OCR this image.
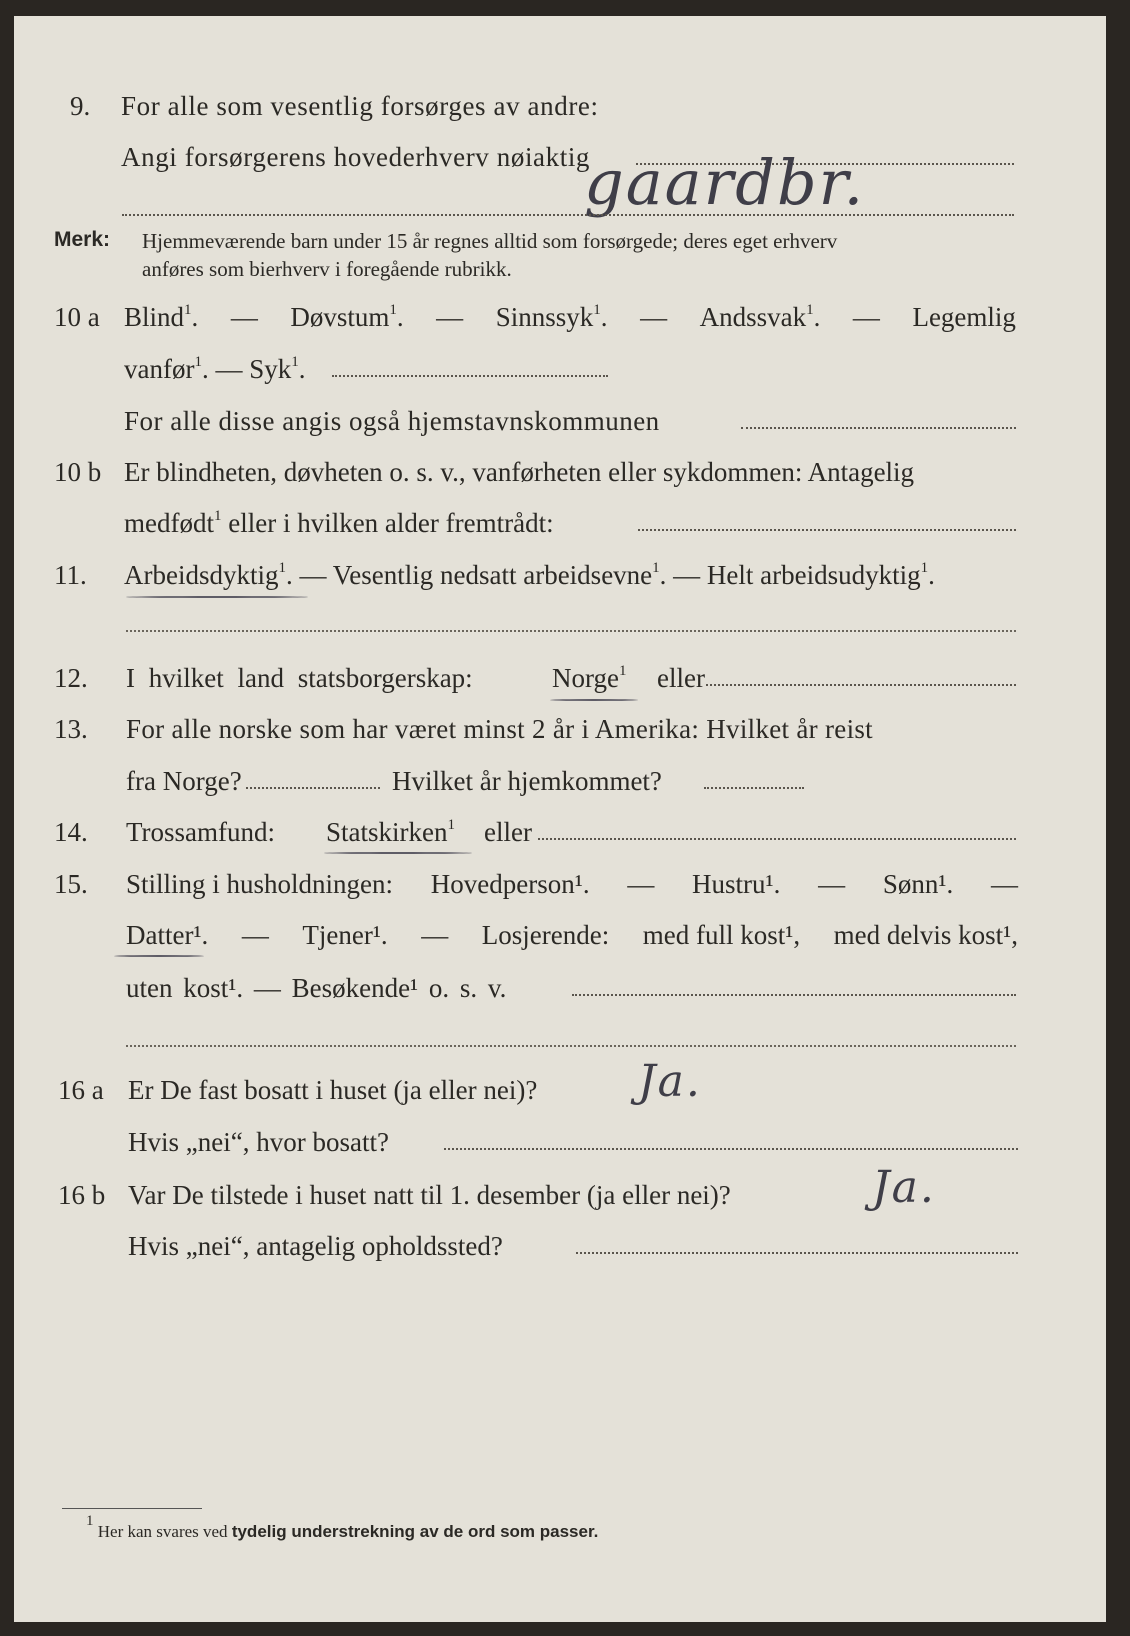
9.	For alle som vesentlig forsørges av andre:
Angi forsørgerens hovederhverv nøiaktig
gaardbr.
Merk: Hjemmeværende barn under 15 år regnes alltid som forsørgede; deres eget erhverv
anføres som bierhverv i foregående rubrikk.
10 a Blind$^1$. — Døvstum$^1$. — Sinnssyk$^1$. — Andssvak$^1$. — Legemlig
vanfør$^1$. — Syk$^1$.
For alle disse angis også hjemstavnskommunen
10 b Er blindheten, døvheten o. s. v., vanførheten eller sykdommen: Antagelig
medfødt$^1$ eller i hvilken alder fremtrådt:
11.	Arbeidsdyktig$^1$. — Vesentlig nedsatt arbeidsevne$^1$. — Helt arbeidsudyktig$^1$.
12.	I hvilket land statsborgerskap:	Norge$^1$ eller
13.	For alle norske som har været minst 2 år i Amerika: Hvilket år reist
fra Norge?	Hvilket år hjemkommet?
14.	Trossamfund: Statskirken$^1$ eller
15.	Stilling i husholdningen: Hovedperson¹. — Hustru¹. — Sønn¹. —
Datter¹. — Tjener¹. — Losjerende: med full kost¹, med delvis kost¹,
uten kost¹. — Besøkende¹ o. s. v.
16 a Er De fast bosatt i huset (ja eller nei)? Ja.
Hvis „nei“, hvor bosatt?
16 b Var De tilstede i huset natt til 1. desember (ja eller nei)?	Ja.
Hvis „nei“, antagelig opholdssted?
$^1$ Her kan svares ved tydelig understrekning av de ord som passer.
